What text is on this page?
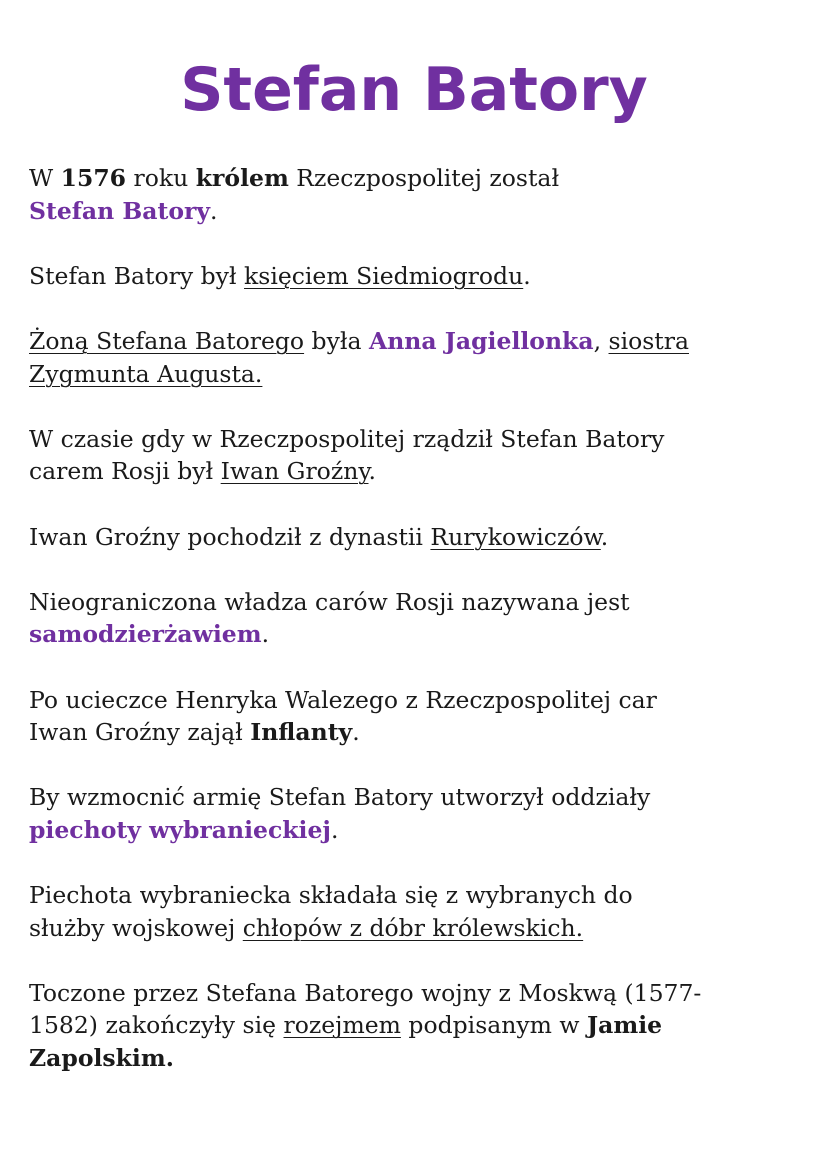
Stefan Batory

W 1576 roku królem Rzeczpospolitej został
Stefan Batory.

Stefan Batory był księciem Siedmiogrodu.

Żoną Stefana Batorego była Anna Jagiellonka, siostra
Zygmunta Augusta.

W czasie gdy w Rzeczpospolitej rządził Stefan Batory
carem Rosji był Iwan Groźny.

Iwan Groźny pochodził z dynastii Rurykowiczów.

Nieograniczona władza carów Rosji nazywana jest
samodzierżawiem.

Po ucieczce Henryka Walezego z Rzeczpospolitej car
Iwan Groźny zajął Inflanty.

By wzmocnić armię Stefan Batory utworzył oddziały
piechoty wybranieckiej.

Piechota wybraniecka składała się z wybranych do
służby wojskowej chłopów z dóbr królewskich.

Toczone przez Stefana Batorego wojny z Moskwą (1577-
1582) zakończyły się rozejmem podpisanym w Jamie
Zapolskim.
